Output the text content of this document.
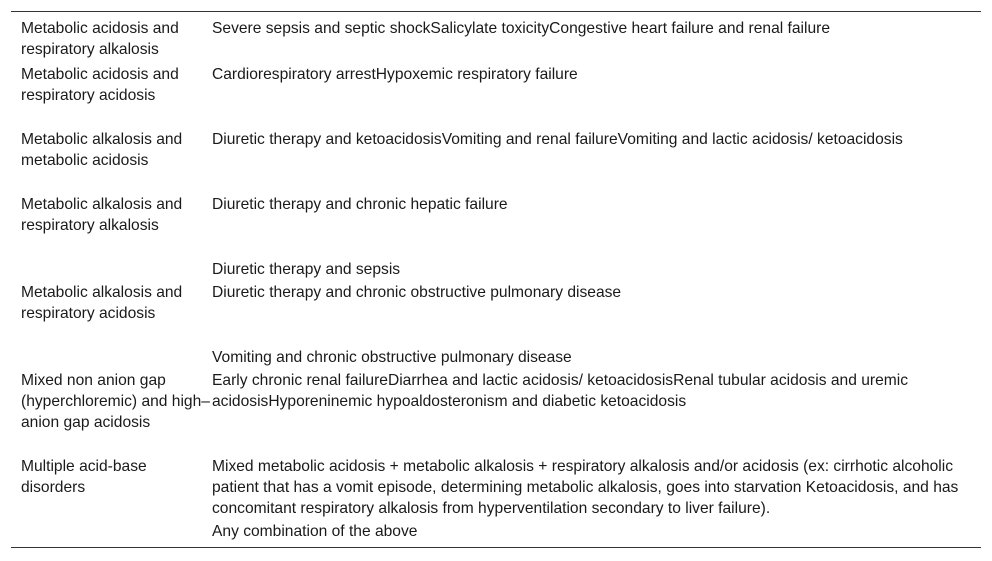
Metabolic acidosis and respiratory alkalosis	Severe sepsis and septic shockSalicylate toxicityCongestive heart failure and renal failure
Metabolic acidosis and respiratory acidosis	Cardiorespiratory arrestHypoxemic respiratory failure
Metabolic alkalosis and metabolic acidosis	Diuretic therapy and ketoacidosisVomiting and renal failureVomiting and lactic acidosis/ ketoacidosis
Metabolic alkalosis and respiratory alkalosis	Diuretic therapy and chronic hepatic failure
	Diuretic therapy and sepsis
Metabolic alkalosis and respiratory acidosis	Diuretic therapy and chronic obstructive pulmonary disease
	Vomiting and chronic obstructive pulmonary disease
Mixed non anion gap (hyperchloremic) and high– anion gap acidosis	Early chronic renal failureDiarrhea and lactic acidosis/ ketoacidosisRenal tubular acidosis and uremic acidosisHyporeninemic hypoaldosteronism and diabetic ketoacidosis
Multiple acid-base disorders	Mixed metabolic acidosis + metabolic alkalosis + respiratory alkalosis and/or acidosis (ex: cirrhotic alcoholic patient that has a vomit episode, determining metabolic alkalosis, goes into starvation Ketoacidosis, and has concomitant respiratory alkalosis from hyperventilation secondary to liver failure).
	Any combination of the above
